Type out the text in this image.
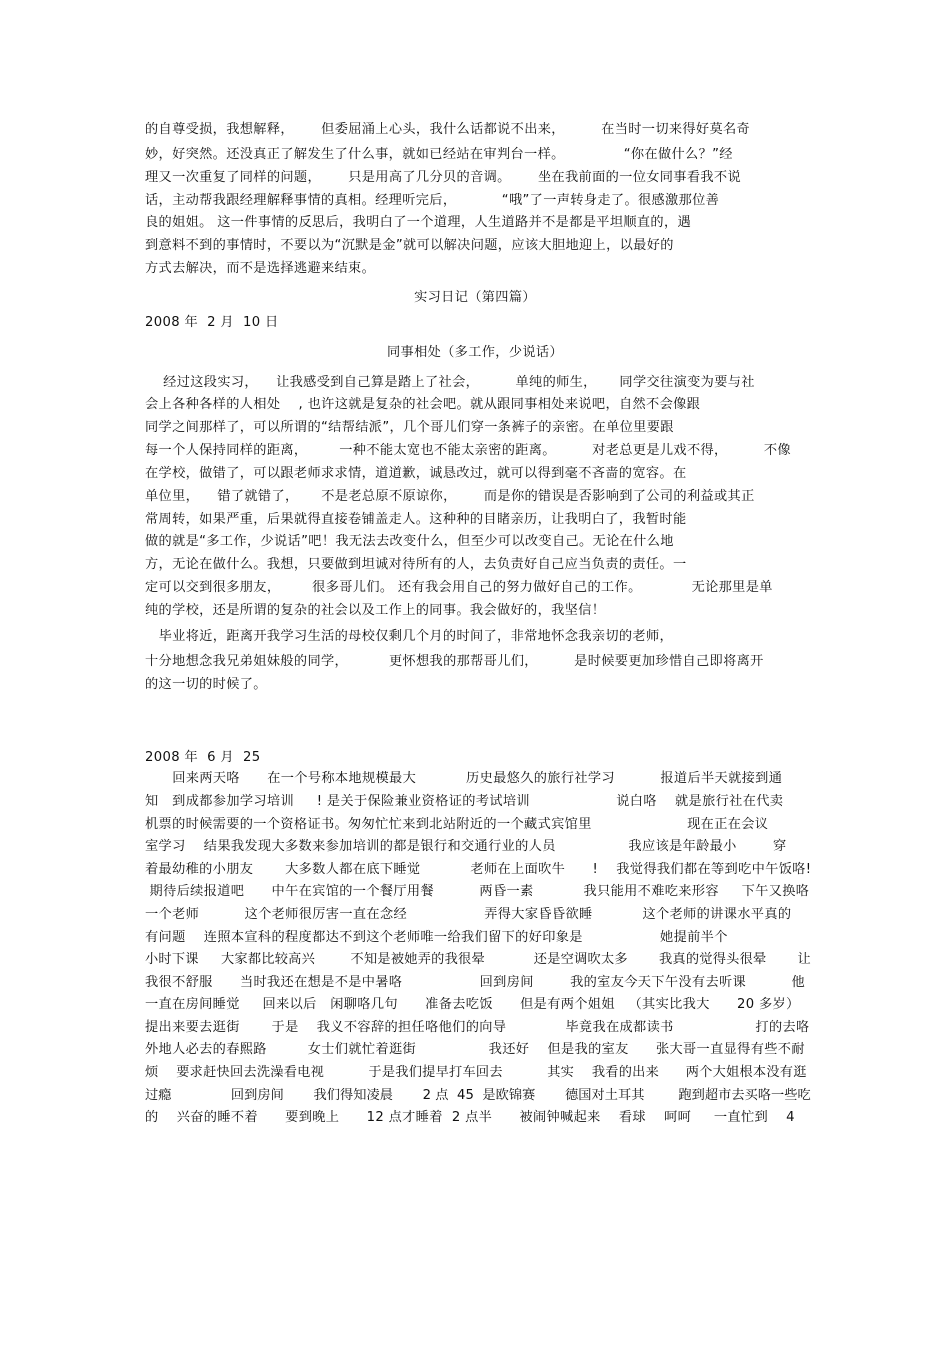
的自尊受损，我想解释，      但委屈涌上心头，我什么话都说不出来，        在当时一切来得好莫名奇
妙，好突然。还没真正了解发生了什么事，就如已经站在审判台一样。             “你在做什么？”经
理又一次重复了同样的问题，      只是用高了几分贝的音调。      坐在我前面的一位女同事看我不说
话，主动帮我跟经理解释事情的真相。经理听完后，          “哦”了一声转身走了。很感激那位善
良的姐姐。 这一件事情的反思后，我明白了一个道理，人生道路并不是都是平坦顺直的，遇
到意料不到的事情时，不要以为“沉默是金”就可以解决问题，应该大胆地迎上，以最好的
方式去解决，而不是选择逃避来结束。
实习日记（第四篇）
2008 年  2 月  10 日
同事相处（多工作，少说话）
经过这段实习，    让我感受到自己算是踏上了社会，        单纯的师生，     同学交往演变为要与社
会上各种各样的人相处    , 也许这就是复杂的社会吧。就从跟同事相处来说吧，自然不会像跟
同学之间那样了，可以所谓的“结帮结派”，几个哥儿们穿一条裤子的亲密。在单位里要跟
每一个人保持同样的距离，       一种不能太宽也不能太亲密的距离。        对老总更是儿戏不得，        不像
在学校，做错了，可以跟老师求求情，道道歉，诚恳改过，就可以得到毫不吝啬的宽容。在
单位里，    错了就错了，     不是老总原不原谅你，      而是你的错误是否影响到了公司的利益或其正
常周转，如果严重，后果就得直接卷铺盖走人。这种种的目睹亲历，让我明白了，我暂时能
做的就是“多工作，少说话”吧！我无法去改变什么，但至少可以改变自己。无论在什么地
方，无论在做什么。我想，只要做到坦诚对待所有的人，去负责好自己应当负责的责任。一
定可以交到很多朋友，       很多哥儿们。 还有我会用自己的努力做好自己的工作。           无论那里是单
纯的学校，还是所谓的复杂的社会以及工作上的同事。我会做好的，我坚信！
毕业将近，距离开我学习生活的母校仅剩几个月的时间了，非常地怀念我亲切的老师，
十分地想念我兄弟姐妹般的同学，         更怀想我的那帮哥儿们，        是时候要更加珍惜自己即将离开
的这一切的时候了。
2008 年  6 月  25
回来两天咯      在一个号称本地规模最大           历史最悠久的旅行社学习          报道后半天就接到通
知   到成都参加学习培训     ! 是关于保险兼业资格证的考试培训                   说白咯    就是旅行社在代卖
机票的时候需要的一个资格证书。匆匆忙忙来到北站附近的一个藏式宾馆里                     现在正在会议
室学习    结果我发现大多数来参加培训的都是银行和交通行业的人员                我应该是年龄最小        穿
着最幼稚的小朋友       大多数人都在底下睡觉           老师在上面吹牛      !    我觉得我们都在等到吃中午饭咯!
期待后续报道吧      中午在宾馆的一个餐厅用餐          两昏一素           我只能用不难吃来形容     下午又换咯
一个老师          这个老师很厉害一直在念经                 弄得大家昏昏欲睡           这个老师的讲课水平真的
有问题    连照本宣科的程度都达不到这个老师唯一给我们留下的好印象是                 她提前半个
小时下课     大家都比较高兴        不知是被她弄的我很晕           还是空调吹太多       我真的觉得头很晕       让
我很不舒服      当时我还在想是不是中暑咯                 回到房间        我的室友今天下午没有去听课          他
一直在房间睡觉     回来以后   闲聊咯几句      准备去吃饭      但是有两个姐姐   （其实比我大      20 多岁）
提出来要去逛街       于是    我义不容辞的担任咯他们的向导             毕竟我在成都读书                  打的去咯
外地人必去的春熙路         女士们就忙着逛街                我还好    但是我的室友      张大哥一直显得有些不耐
烦    要求赶快回去洗澡看电视          于是我们提早打车回去          其实    我看的出来      两个大姐根本没有逛
过瘾              回到房间       我们得知凌晨       2 点  45  是欧锦赛       德国对土耳其        跑到超市去买咯一些吃
的    兴奋的睡不着      要到晚上      12 点才睡着  2 点半      被闹钟喊起来    看球    呵呵     一直忙到    4
